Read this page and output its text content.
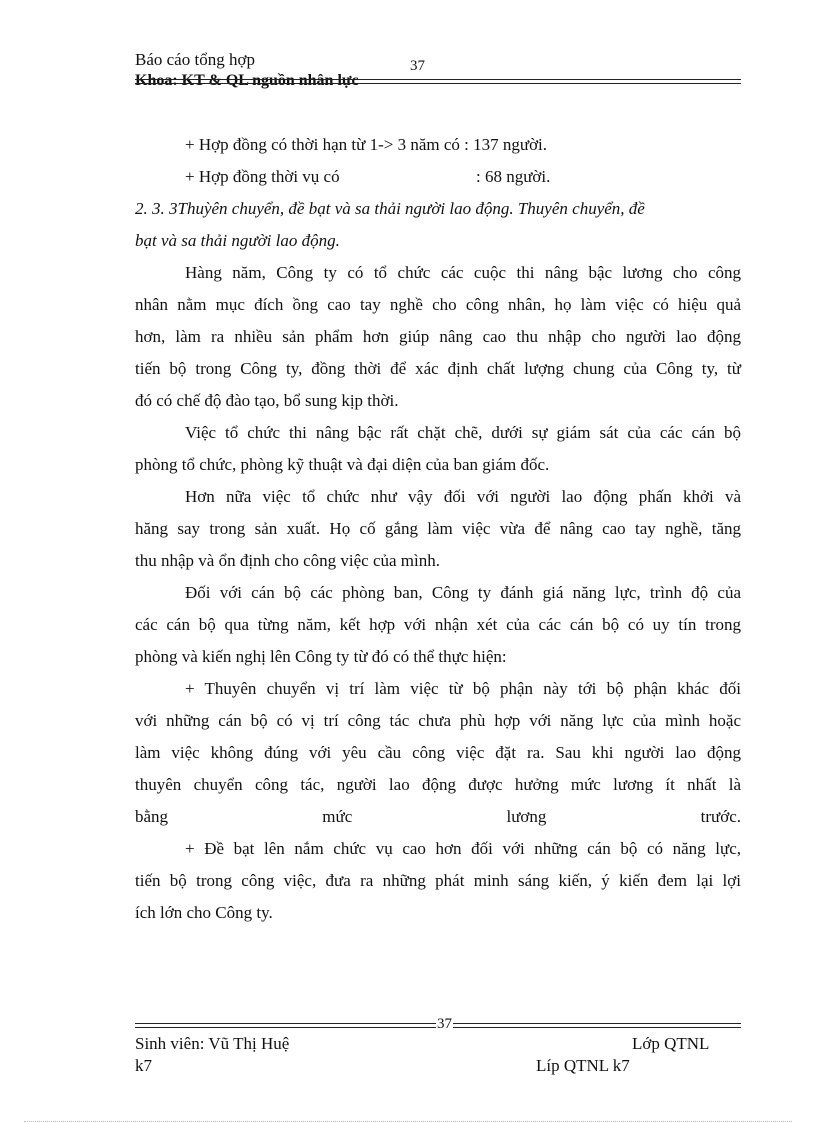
Báo cáo tổng hợp	37
Khoa: KT & QL nguồn nhân lực
+ Hợp đồng có thời hạn từ 1-> 3 năm có : 137 người.
+ Hợp đồng thời vụ có	: 68 người.
2. 3. 3Thuỳên chuyển, đề bạt và sa thải người lao động. Thuyên chuyển, đề
bạt và sa thải người lao động.
Hàng năm, Công ty có tổ chức các cuộc thi nâng bậc lương cho công
nhân nằm mục đích ồng cao tay nghề cho công nhân, họ làm việc có hiệu quả
hơn, làm ra nhiều sản phẩm hơn giúp nâng cao thu nhập cho người lao động
tiến bộ trong Công ty, đồng thời để xác định chất lượng chung của Công ty, từ
đó có chế độ đào tạo, bổ sung kịp thời.
Việc tổ chức thi nâng bậc rất chặt chẽ, dưới sự giám sát của các cán bộ
phòng tổ chức, phòng kỹ thuật và đại diện của ban giám đốc.
Hơn nữa việc tổ chức như vậy đối với người lao động phấn khởi và
hăng say trong sản xuất. Họ cố gắng làm việc vừa để nâng cao tay nghề, tăng
thu nhập và ổn định cho công việc của mình.
Đối với cán bộ các phòng ban, Công ty đánh giá năng lực, trình độ của
các cán bộ qua từng năm, kết hợp với nhận xét của các cán bộ có uy tín trong
phòng và kiến nghị lên Công ty từ đó có thể thực hiện:
+ Thuyên chuyển vị trí làm việc từ bộ phận này tới bộ phận khác đối
với những cán bộ có vị trí công tác chưa phù hợp với năng lực của mình hoặc
làm việc không đúng với yêu cầu công việc đặt ra. Sau khi người lao động
thuyên chuyển công tác, người lao động được hưởng mức lương ít nhất là
bằng mức lương trước.
+ Đề bạt lên nắm chức vụ cao hơn đối với những cán bộ có năng lực,
tiến bộ trong công việc, đưa ra những phát minh sáng kiến, ý kiến đem lại lợi
ích lớn cho Công ty.
37
Sinh viên: Vũ Thị Huệ	Lớp QTNL
k7	Líp QTNL k7
